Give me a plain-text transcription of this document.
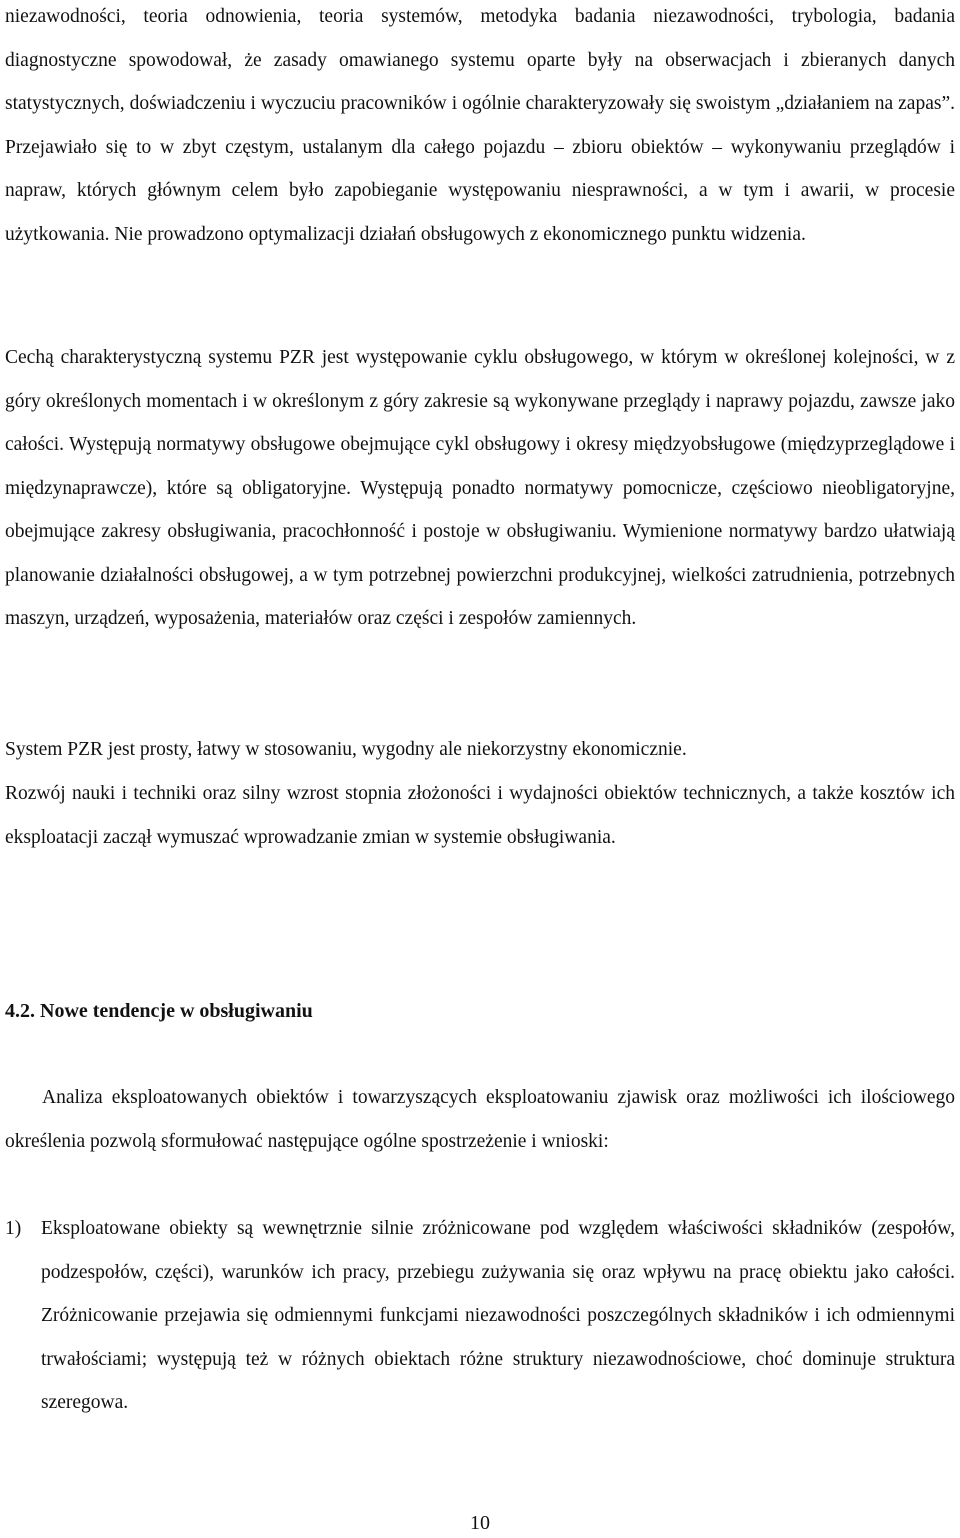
niezawodności, teoria odnowienia, teoria systemów, metodyka badania niezawodności, trybologia, badania diagnostyczne spowodował, że zasady omawianego systemu oparte były na obserwacjach i zbieranych danych statystycznych, doświadczeniu i wyczuciu pracowników i ogólnie charakteryzowały się swoistym „działaniem na zapas”. Przejawiało się to w zbyt częstym, ustalanym dla całego pojazdu – zbioru obiektów – wykonywaniu przeglądów i napraw, których głównym celem było zapobieganie występowaniu niesprawności, a w tym i awarii, w procesie użytkowania. Nie prowadzono optymalizacji działań obsługowych z ekonomicznego punktu widzenia.

Cechą charakterystyczną systemu PZR jest występowanie cyklu obsługowego, w którym w określonej kolejności, w z góry określonych momentach i w określonym z góry zakresie są wykonywane przeglądy i naprawy pojazdu, zawsze jako całości. Występują normatywy obsługowe obejmujące cykl obsługowy i okresy międzyobsługowe (międzyprzeglądowe i międzynaprawcze), które są obligatoryjne. Występują ponadto normatywy pomocnicze, częściowo nieobligatoryjne, obejmujące zakresy obsługiwania, pracochłonność i postoje w obsługiwaniu. Wymienione normatywy bardzo ułatwiają planowanie działalności obsługowej, a w tym potrzebnej powierzchni produkcyjnej, wielkości zatrudnienia, potrzebnych maszyn, urządzeń, wyposażenia, materiałów oraz części i zespołów zamiennych.

System PZR jest prosty, łatwy w stosowaniu, wygodny ale niekorzystny ekonomicznie.

Rozwój nauki i techniki oraz silny wzrost stopnia złożoności i wydajności obiektów technicznych, a także kosztów ich eksploatacji zaczął wymuszać wprowadzanie zmian w systemie obsługiwania.

4.2. Nowe tendencje w obsługiwaniu

Analiza eksploatowanych obiektów i towarzyszących eksploatowaniu zjawisk oraz możliwości ich ilościowego określenia pozwolą sformułować następujące ogólne spostrzeżenie i wnioski:

1) Eksploatowane obiekty są wewnętrznie silnie zróżnicowane pod względem właściwości składników (zespołów, podzespołów, części), warunków ich pracy, przebiegu zużywania się oraz wpływu na pracę obiektu jako całości. Zróżnicowanie przejawia się odmiennymi funkcjami niezawodności poszczególnych składników i ich odmiennymi trwałościami; występują też w różnych obiektach różne struktury niezawodnościowe, choć dominuje struktura szeregowa.
10
